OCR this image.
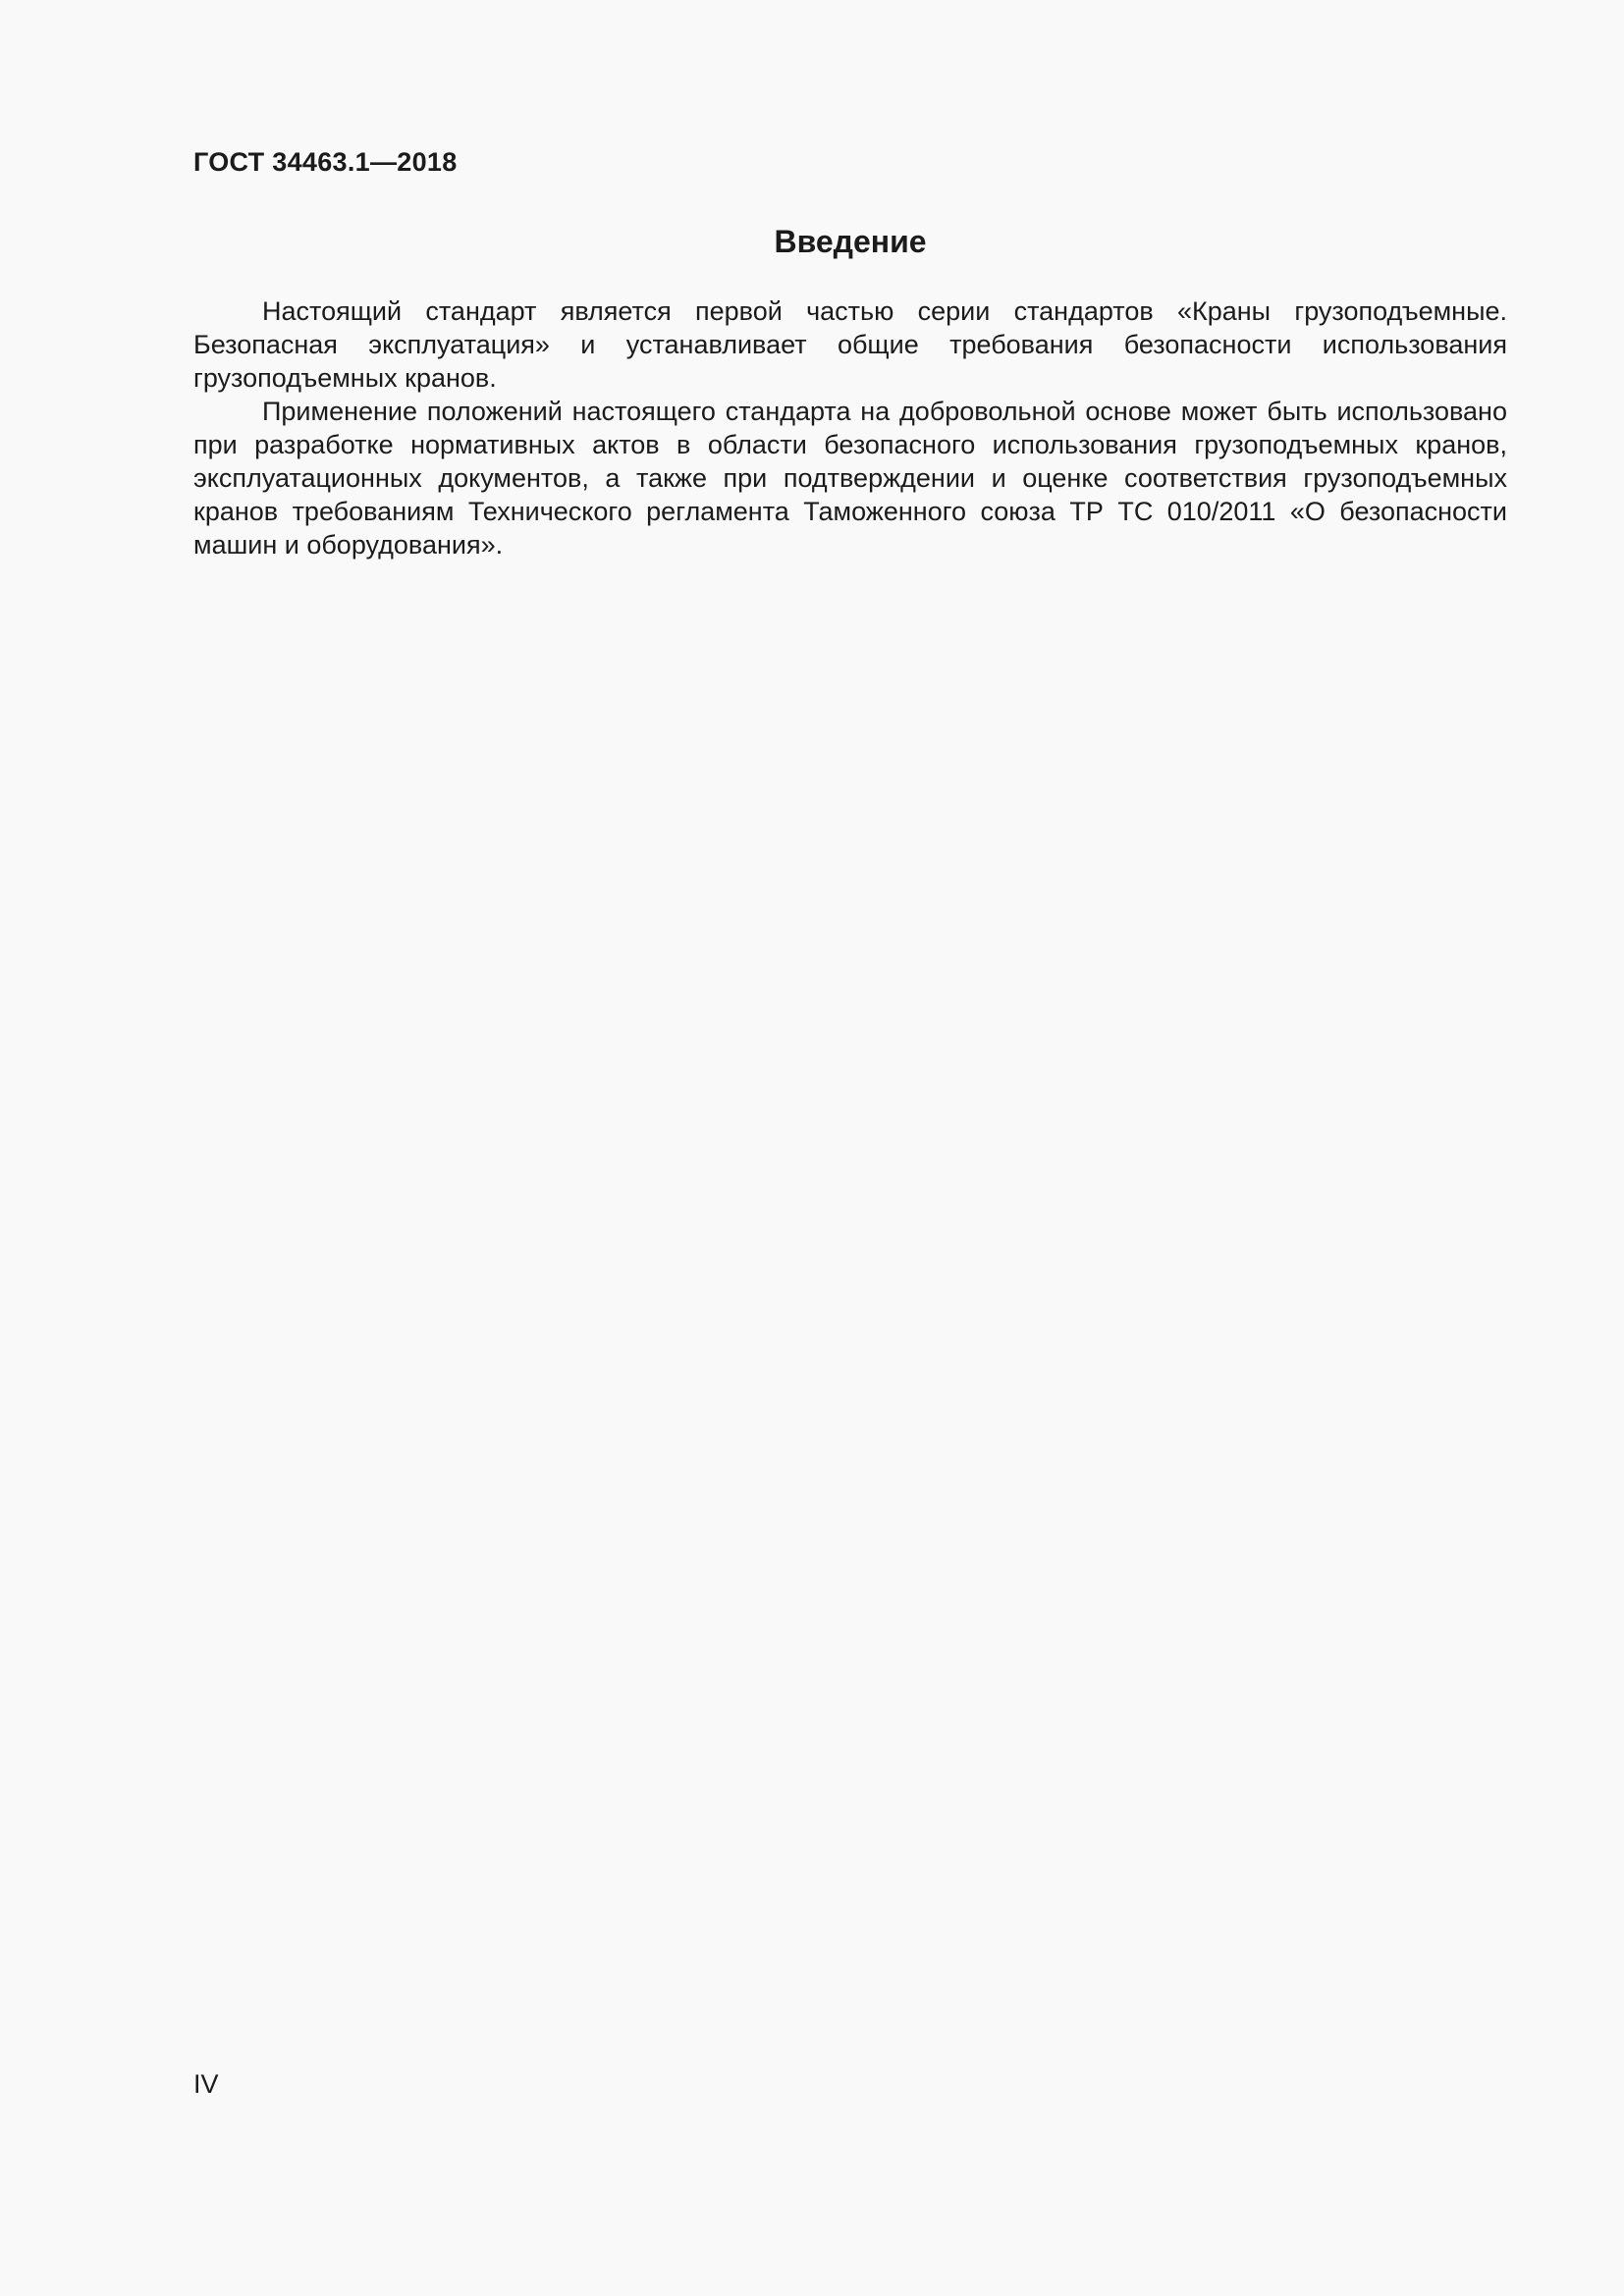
ГОСТ 34463.1—2018
Введение

Настоящий стандарт является первой частью серии стандартов «Краны грузоподъемные. Безопасная эксплуатация» и устанавливает общие требования безопасности использования грузоподъемных кранов.

Применение положений настоящего стандарта на добровольной основе может быть использовано при разработке нормативных актов в области безопасного использования грузоподъемных кранов, эксплуатационных документов, а также при подтверждении и оценке соответствия грузоподъемных кранов требованиям Технического регламента Таможенного союза ТР ТС 010/2011 «О безопасности машин и оборудования».

IV
